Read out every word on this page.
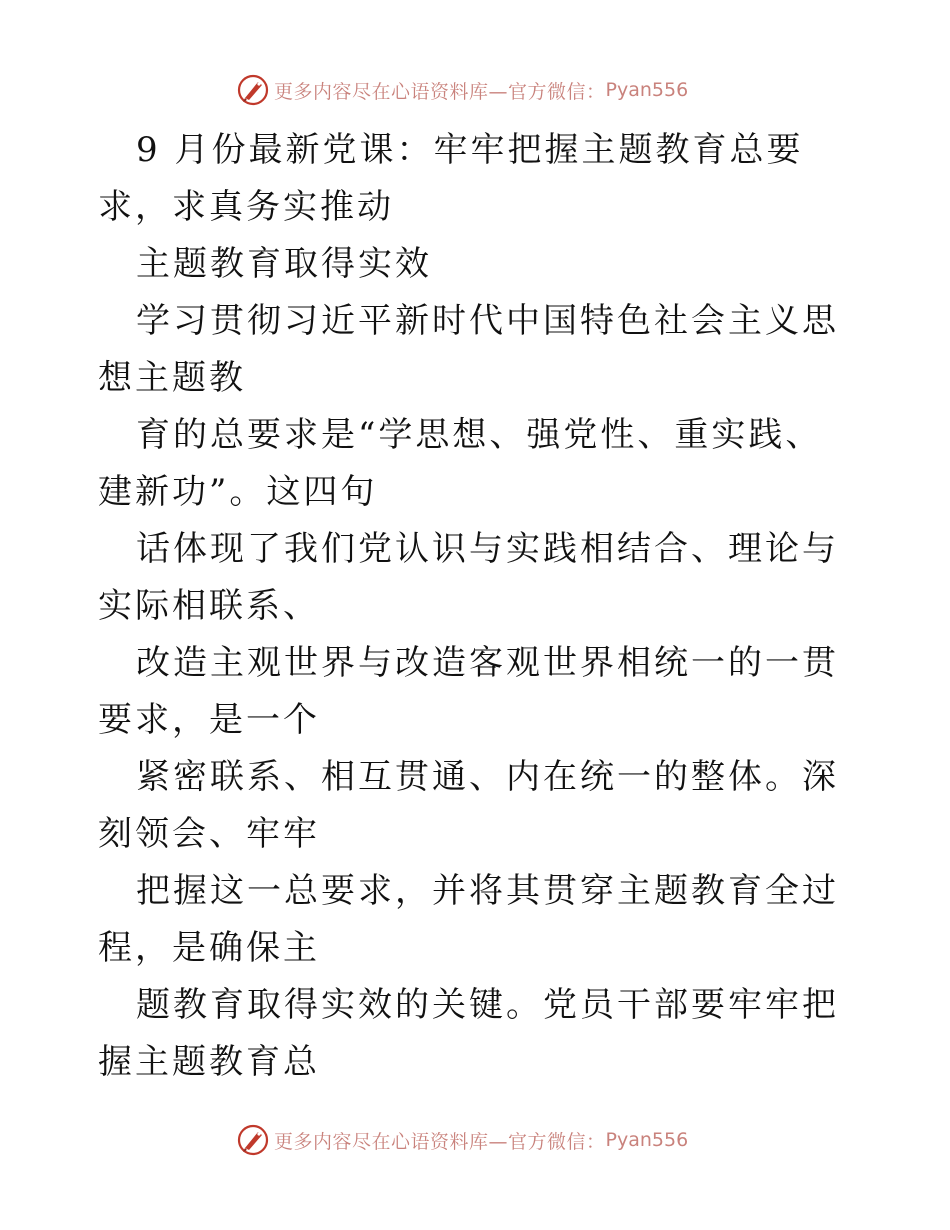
更多内容尽在心语资料库—官方微信： Pyan556

9 月份最新党课：牢牢把握主题教育总要求，求真务实推动

主题教育取得实效

学习贯彻习近平新时代中国特色社会主义思想主题教

育的总要求是“学思想、强党性、重实践、建新功”。这四句

话体现了我们党认识与实践相结合、理论与实际相联系、

改造主观世界与改造客观世界相统一的一贯要求，是一个

紧密联系、相互贯通、内在统一的整体。深刻领会、牢牢

把握这一总要求，并将其贯穿主题教育全过程，是确保主

题教育取得实效的关键。党员干部要牢牢把握主题教育总

更多内容尽在心语资料库—官方微信： Pyan556
